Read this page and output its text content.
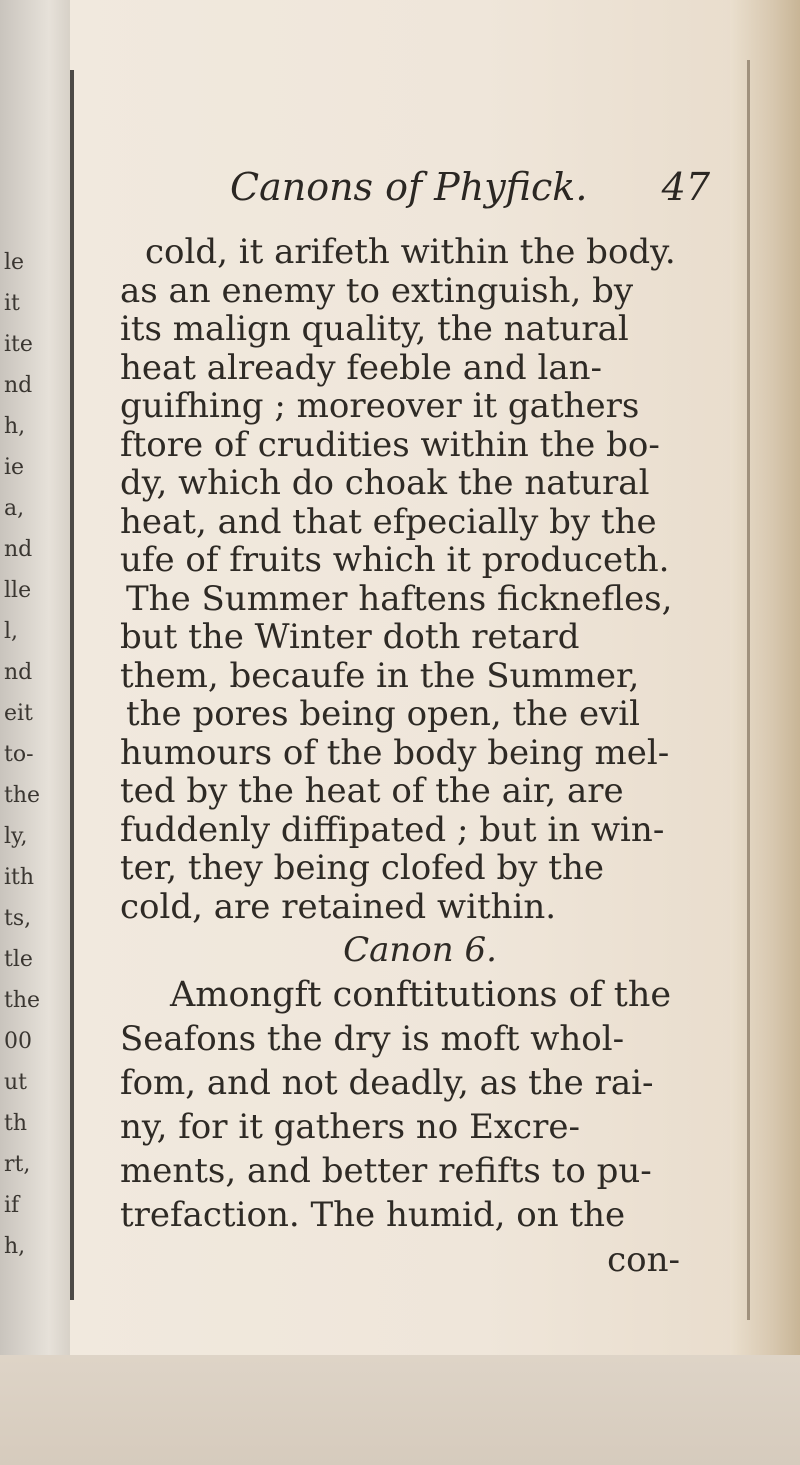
le
it
ite
nd
h,
ie
a,
nd
lle
l,
nd
eit
to-
the
ly,
ith
ts,
tle
the
00
ut
th
rt,
if
h,
Canons of Phyfick. 47
cold, it arifeth within the body.
as an enemy to extinguish, by
its malign quality, the natural
heat already feeble and lan-
guifhing ; moreover it gathers
ftore of crudities within the bo-
dy, which do choak the natural
heat, and that efpecially by the
ufe of fruits which it produceth.
The Summer haftens ficknefles,
but the Winter doth retard
them, becaufe in the Summer,
the pores being open, the evil
humours of the body being mel-
ted by the heat of the air, are
fuddenly diffipated ; but in win-
ter, they being clofed by the
cold, are retained within.
Canon 6.
Amongft conftitutions of the
Seafons the dry is moft whol-
fom, and not deadly, as the rai-
ny, for it gathers no Excre-
ments, and better refifts to pu-
trefaction. The humid, on the
con-
